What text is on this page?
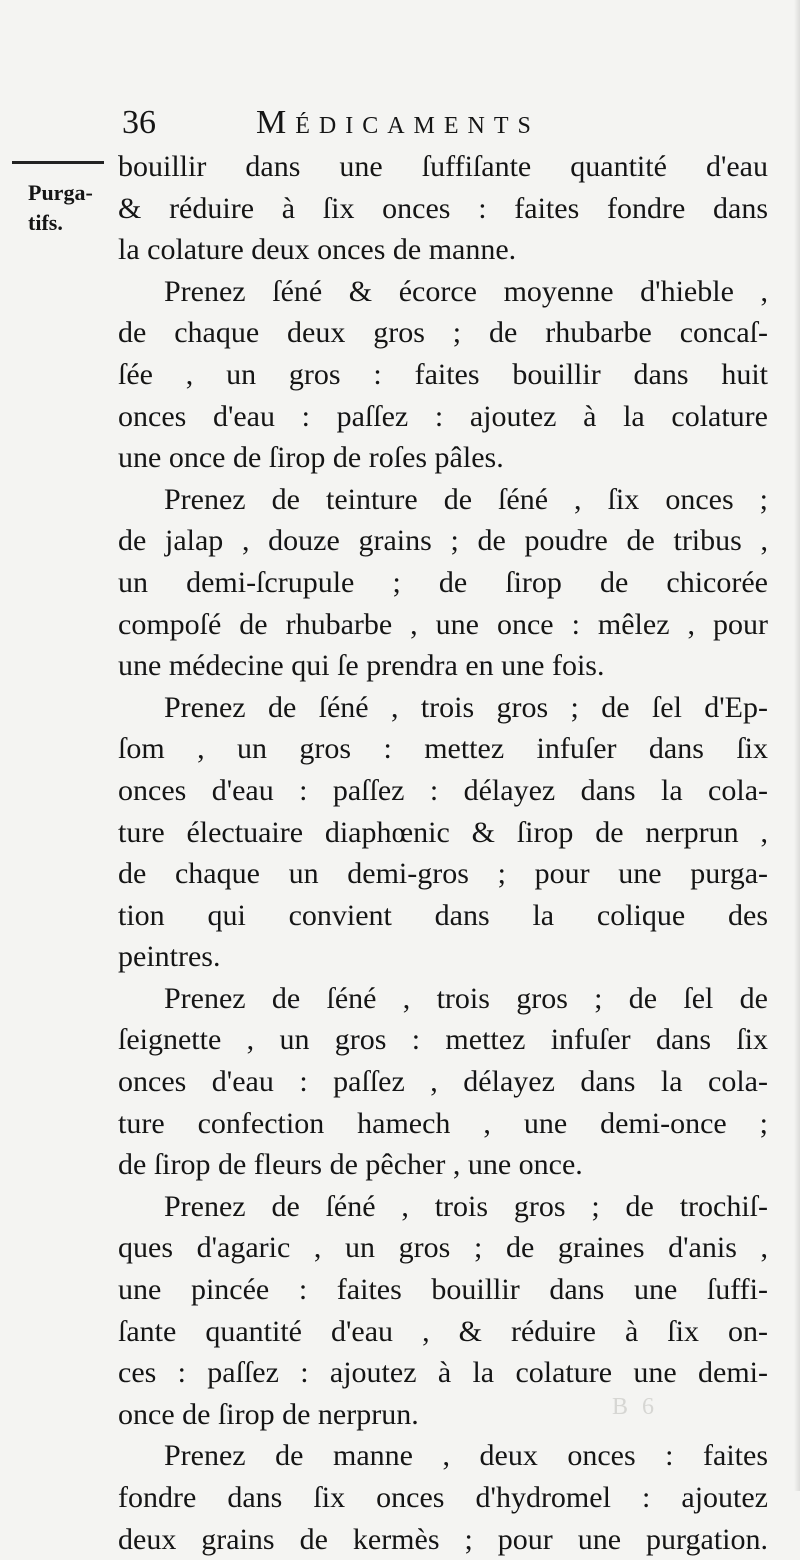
36	Médicaments
Purga-
tifs.
bouillir dans une ſuffiſante quantité d'eau
& réduire à ſix onces : faites fondre dans
la colature deux onces de manne.
Prenez ſéné & écorce moyenne d'hieble ,
de chaque deux gros ; de rhubarbe concaſ-
ſée , un gros : faites bouillir dans huit
onces d'eau : paſſez : ajoutez à la colature
une once de ſirop de roſes pâles.
Prenez de teinture de ſéné , ſix onces ;
de jalap , douze grains ; de poudre de tribus ,
un demi-ſcrupule ; de ſirop de chicorée
compoſé de rhubarbe , une once : mêlez , pour
une médecine qui ſe prendra en une fois.
Prenez de ſéné , trois gros ; de ſel d'Ep-
ſom , un gros : mettez infuſer dans ſix
onces d'eau : paſſez : délayez dans la cola-
ture électuaire diaphœnic & ſirop de nerprun ,
de chaque un demi-gros ; pour une purga-
tion qui convient dans la colique des
peintres.
Prenez de ſéné , trois gros ; de ſel de
ſeignette , un gros : mettez infuſer dans ſix
onces d'eau : paſſez , délayez dans la cola-
ture confection hamech , une demi-once ;
de ſirop de fleurs de pêcher , une once.
Prenez de ſéné , trois gros ; de trochiſ-
ques d'agaric , un gros ; de graines d'anis ,
une pincée : faites bouillir dans une ſuffi-
ſante quantité d'eau , & réduire à ſix on-
ces : paſſez : ajoutez à la colature une demi-
once de ſirop de nerprun.
Prenez de manne , deux onces : faites
fondre dans ſix onces d'hydromel : ajoutez
deux grains de kermès ; pour une purgation.
B 6
